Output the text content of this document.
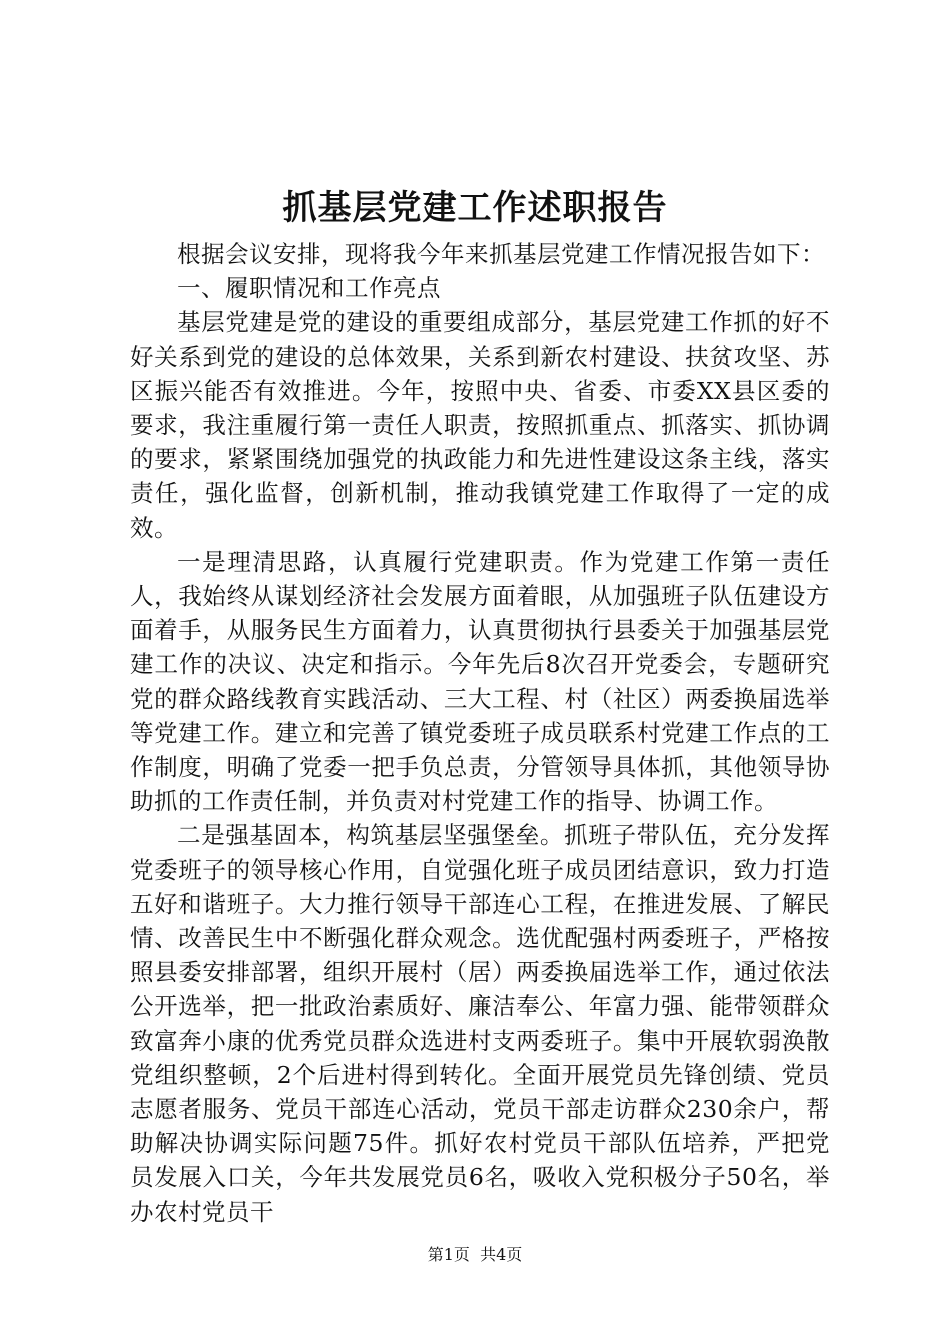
抓基层党建工作述职报告

根据会议安排，现将我今年来抓基层党建工作情况报告如下：

一、履职情况和工作亮点

基层党建是党的建设的重要组成部分，基层党建工作抓的好不好关系到党的建设的总体效果，关系到新农村建设、扶贫攻坚、苏区振兴能否有效推进。今年，按照中央、省委、市委XX县区委的要求，我注重履行第一责任人职责，按照抓重点、抓落实、抓协调的要求，紧紧围绕加强党的执政能力和先进性建设这条主线，落实责任，强化监督，创新机制，推动我镇党建工作取得了一定的成效。

一是理清思路，认真履行党建职责。作为党建工作第一责任人，我始终从谋划经济社会发展方面着眼，从加强班子队伍建设方面着手，从服务民生方面着力，认真贯彻执行县委关于加强基层党建工作的决议、决定和指示。今年先后8次召开党委会，专题研究党的群众路线教育实践活动、三大工程、村（社区）两委换届选举等党建工作。建立和完善了镇党委班子成员联系村党建工作点的工作制度，明确了党委一把手负总责，分管领导具体抓，其他领导协助抓的工作责任制，并负责对村党建工作的指导、协调工作。

二是强基固本，构筑基层坚强堡垒。抓班子带队伍，充分发挥党委班子的领导核心作用，自觉强化班子成员团结意识，致力打造五好和谐班子。大力推行领导干部连心工程，在推进发展、了解民情、改善民生中不断强化群众观念。选优配强村两委班子，严格按照县委安排部署，组织开展村（居）两委换届选举工作，通过依法公开选举，把一批政治素质好、廉洁奉公、年富力强、能带领群众致富奔小康的优秀党员群众选进村支两委班子。集中开展软弱涣散党组织整顿，2个后进村得到转化。全面开展党员先锋创绩、党员志愿者服务、党员干部连心活动，党员干部走访群众230余户，帮助解决协调实际问题75件。抓好农村党员干部队伍培养，严把党员发展入口关，今年共发展党员6名，吸收入党积极分子50名，举办农村党员干

第1页 共4页
